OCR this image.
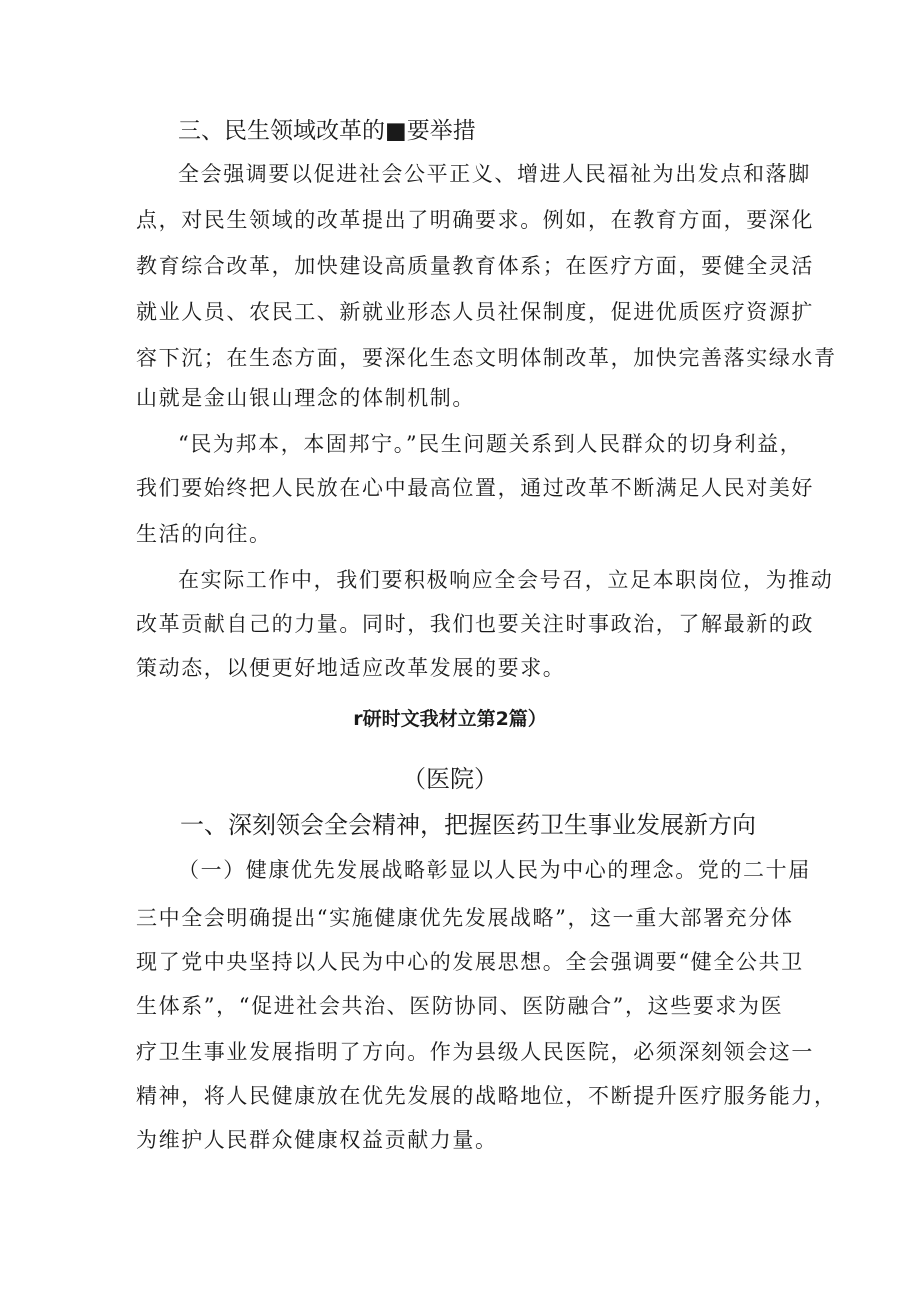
三、民生领域改革的■要举措
全会强调要以促进社会公平正义、增进人民福祉为出发点和落脚
点，对民生领域的改革提出了明确要求。例如，在教育方面，要深化
教育综合改革，加快建设高质量教育体系；在医疗方面，要健全灵活
就业人员、农民工、新就业形态人员社保制度，促进优质医疗资源扩
容下沉；在生态方面，要深化生态文明体制改革，加快完善落实绿水青
山就是金山银山理念的体制机制。
“民为邦本，本固邦宁。”民生问题关系到人民群众的切身利益，
我们要始终把人民放在心中最高位置，通过改革不断满足人民对美好
生活的向往。
在实际工作中，我们要积极响应全会号召，立足本职岗位，为推动
改革贡献自己的力量。同时，我们也要关注时事政治，了解最新的政
策动态，以便更好地适应改革发展的要求。
r研时文我材立第2篇）
（医院）
一、深刻领会全会精神，把握医药卫生事业发展新方向
（一）健康优先发展战略彰显以人民为中心的理念。党的二十届
三中全会明确提出“实施健康优先发展战略”，这一重大部署充分体
现了党中央坚持以人民为中心的发展思想。全会强调要“健全公共卫
生体系”，“促进社会共治、医防协同、医防融合”，这些要求为医
疗卫生事业发展指明了方向。作为县级人民医院，必须深刻领会这一
精神，将人民健康放在优先发展的战略地位，不断提升医疗服务能力，
为维护人民群众健康权益贡献力量。
